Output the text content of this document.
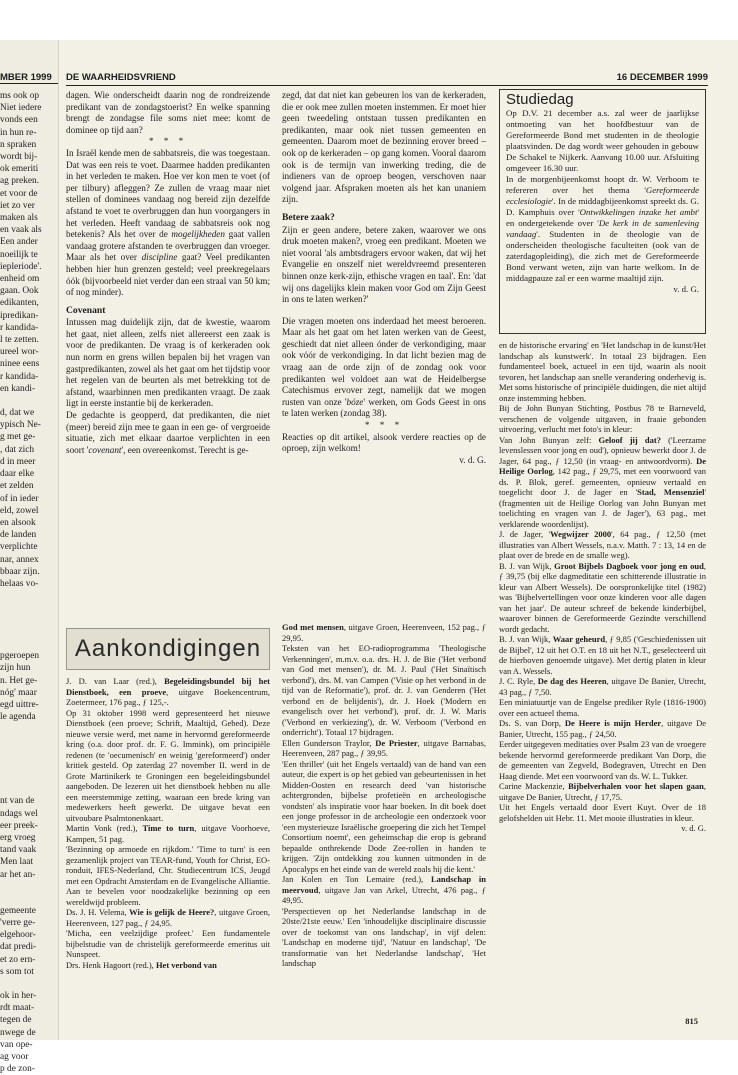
MBER 1999
ms ook op
Niet iedere
vonds een
in hun re-
n spraken
wordt bij-
ok emeriti
ag preken.
et voor de
iet zo ver
maken als
en vaak als
Een ander
noeilijk te
iepleriode'.
enheid om
gaan. Ook
edikanten,
ipredikan-
r kandida-
l te zetten.
ureel wor-
ninee eens
r kandida-
en kandi-

d, dat we
ypisch Ne-
g met ge-
, dat zich
d in meer
daar elke
et zelden
of in ieder
eld, zowel
en alsook
de landen
verplichte
nar, annex
bbaar zijn.
helaas vo-

pgeroepen
zijn hun
n. Het ge-
nóg' maar
egd uittre-
le agenda

nt van de
ndags wel
eer preek-
erg vroeg
tand vaak
Men laat
ar het an-

gemeente
'verre ge-
elgehoor-
dat predi-
et zo ern-
s som tot

ok in her-
rdt maat-
tegen de
nwege de
van ope-
ag voor
p de zon-
DE WAARHEIDSVRIEND	16 DECEMBER 1999

dagen. Wie onderscheidt daarin nog de rondreizende predikant van de zondagstoerist? En welke spanning brengt de zondagse file soms niet mee: komt de dominee op tijd aan?

* * *

In Israël kende men de sabbatsreis, die was toegestaan. Dat was een reis te voet. Daarmee hadden predikanten in het verleden te maken. Hoe ver kon men te voet (of per tilbury) afleggen? Ze zullen de vraag maar niet stellen of dominees vandaag nog bereid zijn dezelfde afstand te voet te overbruggen dan hun voorgangers in het verleden. Heeft vandaag de sabbatsreis ook nog betekenis? Als het over de mogelijkheden gaat vallen vandaag grotere afstanden te overbruggen dan vroeger. Maar als het over discipline gaat? Veel predikanten hebben hier hun grenzen gesteld; veel preekregelaars óók (bijvoorbeeld niet verder dan een straal van 50 km; of nog minder).

Covenant

Intussen mag duidelijk zijn, dat de kwestie, waarom het gaat, niet alleen, zelfs niet allereerst een zaak is voor de predikanten. De vraag is of kerkeraden ook nun norm en grens willen bepalen bij het vragen van gastpredikanten, zowel als het gaat om het tijdstip voor het regelen van de beurten als met betrekking tot de afstand, waarbinnen men predikanten vraagt. De zaak ligt in eerste instantie bij de kerkeraden.

De gedachte is geopperd, dat predikanten, die niet (meer) bereid zijn mee te gaan in een ge- of vergroeide situatie, zich met elkaar daartoe verplichten in een soort 'covenant', een overeenkomst. Terecht is ge-

zegd, dat dat niet kan gebeuren los van de kerkeraden, die er ook mee zullen moeten instemmen. Er moet hier geen tweedeling ontstaan tussen predikanten en predikanten, maar ook niet tussen gemeenten en gemeenten. Daarom moet de bezinning erover breed – ook op de kerkeraden – op gang komen. Vooral daarom ook is de termijn van inwerking treding, die de indieners van de oproep beogen, verschoven naar volgend jaar. Afspraken moeten als het kan unaniem zijn.

Betere zaak?

Zijn er geen andere, betere zaken, waarover we ons druk moeten maken?, vroeg een predikant. Moeten we niet vooral 'als ambtsdragers ervoor waken, dat wij het Evangelie en onszelf niet wereldvreemd presenteren binnen onze kerk-zijn, ethische vragen en taal'. En: 'dat wij ons dagelijks klein maken voor God om Zijn Geest in ons te laten werken?'

Die vragen moeten ons inderdaad het meest beroeren. Maar als het gaat om het laten werken van de Geest, geschiedt dat niet alleen ónder de verkondiging, maar ook vóór de verkondiging. In dat licht bezien mag de vraag aan de orde zijn of de zondag ook voor predikanten wel voldoet aan wat de Heidelbergse Catechismus ervover zegt, namelijk dat we mogen rusten van onze 'bóze' werken, om Gods Geest in ons te laten werken (zondag 38).

* * *

Reacties op dit artikel, alsook verdere reacties op de oproep, zijn welkom!

v. d. G.

Studiedag

Op D.V. 21 december a.s. zal weer de jaarlijkse ontmoeting van het hoofdbestuur van de Gereformeerde Bond met studenten in de theologie plaatsvinden. De dag wordt weer gehouden in gebouw De Schakel te Nijkerk. Aanvang 10.00 uur. Afsluiting omgeveer 16.30 uur.

In de morgenbijeenkomst hoopt dr. W. Verboom te refereren over het thema 'Gereformeerde ecclesiologie'. In de middagbijeenkomst spreekt ds. G. D. Kamphuis over 'Ontwikkelingen inzake het ambt' en ondergetekende over 'De kerk in de samenleving vandaag'. Studenten in de theologie van de onderscheiden theologische faculteiten (ook van de zaterdagopleiding), die zich met de Gereformeerde Bond verwant weten, zijn van harte welkom. In de middagpauze zal er een warme maaltijd zijn.

v. d. G.

Aankondigingen

J. D. van Laar (red.), Begeleidingsbundel bij het Dienstboek, een proeve, uitgave Boekencentrum, Zoetermeer, 176 pag., ƒ 125,-.

Op 31 oktober 1998 werd gepresenteerd het nieuwe Dienstboek (een proeve; Schrift, Maaltijd, Gebed). Deze nieuwe versie werd, met name in hervormd gereformeerde kring (o.a. door prof. dr. F. G. Immink), om principiële redenen (te 'oecumenisch' en weinig 'gereformeerd') onder kritiek gesteld. Op zaterdag 27 november II. werd in de Grote Martinikerk te Groningen een begeleidingsbundel aangeboden. De lezeren uit het dienstboek hebben nu alle een meerstemmige zetting, waaraan een brede kring van medewerkers heeft gewerkt. De uitgave bevat een uitvoubare Psalmtonenkaart.

Martin Vonk (red.), Time to turn, uitgave Voorhoeve, Kampen, 51 pag.

'Bezinning op armoede en rijkdom.' 'Time to turn' is een gezamenlijk project van TEAR-fund, Youth for Christ, EO-ronduit, IFES-Nederland, Chr. Studiecentrum ICS, Jeugd met een Opdracht Amsterdam en de Evangelische Alliantie. Aan te bevelen voor noodzakelijke bezinning op een wereldwijd probleem.

Ds. J. H. Velema, Wie is gelijk de Heere?, uitgave Groen, Heerenveen, 127 pag., ƒ 24,95.

'Micha, een veelzijdige profeet.' Een fundamentele bijbelstudie van de christelijk gereformeerde emeritus uit Nunspeet.

Drs. Henk Hagoort (red.), Het verbond van

God met mensen, uitgave Groen, Heerenveen, 152 pag., ƒ 29,95.

Teksten van het EO-radioprogramma 'Theologische Verkenningen', m.m.v. o.a. drs. H. J. de Bie ('Het verbond van God met mensen'), dr. M. J. Paul ('Het Sinaïtisch verbond'), drs. M. van Campen ('Visie op het verbond in de tijd van de Reformatie'), prof. dr. J. van Genderen ('Het verbond en de belijdenis'), dr. J. Hoek ('Modern en evangelisch over het verbond'), prof. dr. J. W. Maris ('Verbond en verkiezing'), dr. W. Verboom ('Verbond en onderricht'). Totaal 17 bijdragen.

Ellen Gunderson Traylor, De Priester, uitgave Barnabas, Heerenveen, 287 pag., ƒ 39,95.

'Een thriller' (uit het Engels vertaald) van de hand van een auteur, die expert is op het gebied van gebeurtenissen in het Midden-Oosten en research deed 'van historische achtergronden, bijbelse profetieën en archeologische vondsten' als inspiratie voor haar boeken. In dit boek doet een jonge professor in de archeologie een onderzoek voor 'een mysterieuze Israëlische groepering die zich het Tempel Consortium noemt', een geheimschap die erop is gebrand bepaalde onthrekende Dode Zee-rollen in handen te krijgen. 'Zijn ontdekking zou kunnen uitmonden in de Apocalyps en het einde van de wereld zoals hij die kent.'

Jan Kolen en Ton Lemaire (red.), Landschap in meervoud, uitgave Jan van Arkel, Utrecht, 476 pag., ƒ 49,95.

'Perspectieven op het Nederlandse landschap in de 20ste/21ste eeuw.' Een 'inhoudelijke disciplinaire discussie over de toekomst van ons landschap', in vijf delen: 'Landschap en moderne tijd', 'Natuur en landschap', 'De transformatie van het Nederlandse landschap', 'Het landschap

en de historische ervaring' en 'Het landschap in de kunst/Het landschap als kunstwerk'. In totaal 23 bijdragen. Een fundamenteel boek, actueel in een tijd, waarin als nooit tevoren, het landschap aan snelle verandering onderhevig is. Met soms historische of principiële duidingen, die niet altijd onze instemming hebben.

Bij de John Bunyan Stichting, Postbus 78 te Barneveld, verschenen de volgende uitgaven, in fraaie gebonden uitvoering, verlucht met foto's in kleur:

Van John Bunyan zelf: Geloof jij dat? ('Leerzame levenslessen voor jong en oud'), opnieuw bewerkt door J. de Jager, 64 pag., ƒ 12,50 (in vraag- en antwoordvorm). De Heilige Oorlog, 142 pag., ƒ 29,75, met een voorwoord van ds. P. Blok, geref. gemeenten, opnieuw vertaald en toegelicht door J. de Jager en 'Stad, Mensenziel' (fragmenten uit de Heilige Oorlog van John Bunyan met toelichting en vragen van J. de Jager'), 63 pag., met verklarende woordenlijst).

J. de Jager, 'Wegwijzer 2000', 64 pag., ƒ 12,50 (met illustraties van Albert Wessels, n.a.v. Matth. 7 : 13, 14 en de plaat over de brede en de smalle weg).

B. J. van Wijk, Groot Bijbels Dagboek voor jong en oud, ƒ 39,75 (bij elke dagmeditatie een schitterende illustratie in kleur van Albert Wessels). De oorspronkelijke titel (1982) was 'Bijbelvertellingen voor onze kinderen voor alle dagen van het jaar'. De auteur schreef de bekende kinderbijbel, waarover binnen de Gereformeerde Gezindte verschillend wordt gedacht.

B. J. van Wijk, Waar geheurd, ƒ 9,85 ('Geschiedenissen uit de Bijbel', 12 uit het O.T. en 18 uit het N.T., geselecteerd uit de hierboven genoemde uitgave). Met dertig platen in kleur van A. Wessels.

J. C. Ryle, De dag des Heeren, uitgave De Banier, Utrecht, 43 pag., ƒ 7,50.

Een miniatuurtje van de Engelse prediker Ryle (1816-1900) over een actueel thema.

Ds. S. van Dorp, De Heere is mijn Herder, uitgave De Banier, Utrecht, 155 pag., ƒ 24,50.

Eerder uitgegeven meditaties over Psalm 23 van de vroegere bekende hervormd gereformeerde predikant Van Dorp, die de gemeenten van Zegveld, Bodegraven, Utrecht en Den Haag diende. Met een voorwoord van ds. W. L. Tukker.

Carine Mackenzie, Bijbelverhalen voor het slapen gaan, uitgave De Banier, Utrecht, ƒ 17,75.

Uit het Engels vertaald door Evert Kuyt. Over de 18 gelofshelden uit Hebr. 11. Met mooie illustraties in kleur.

v. d. G.

815
